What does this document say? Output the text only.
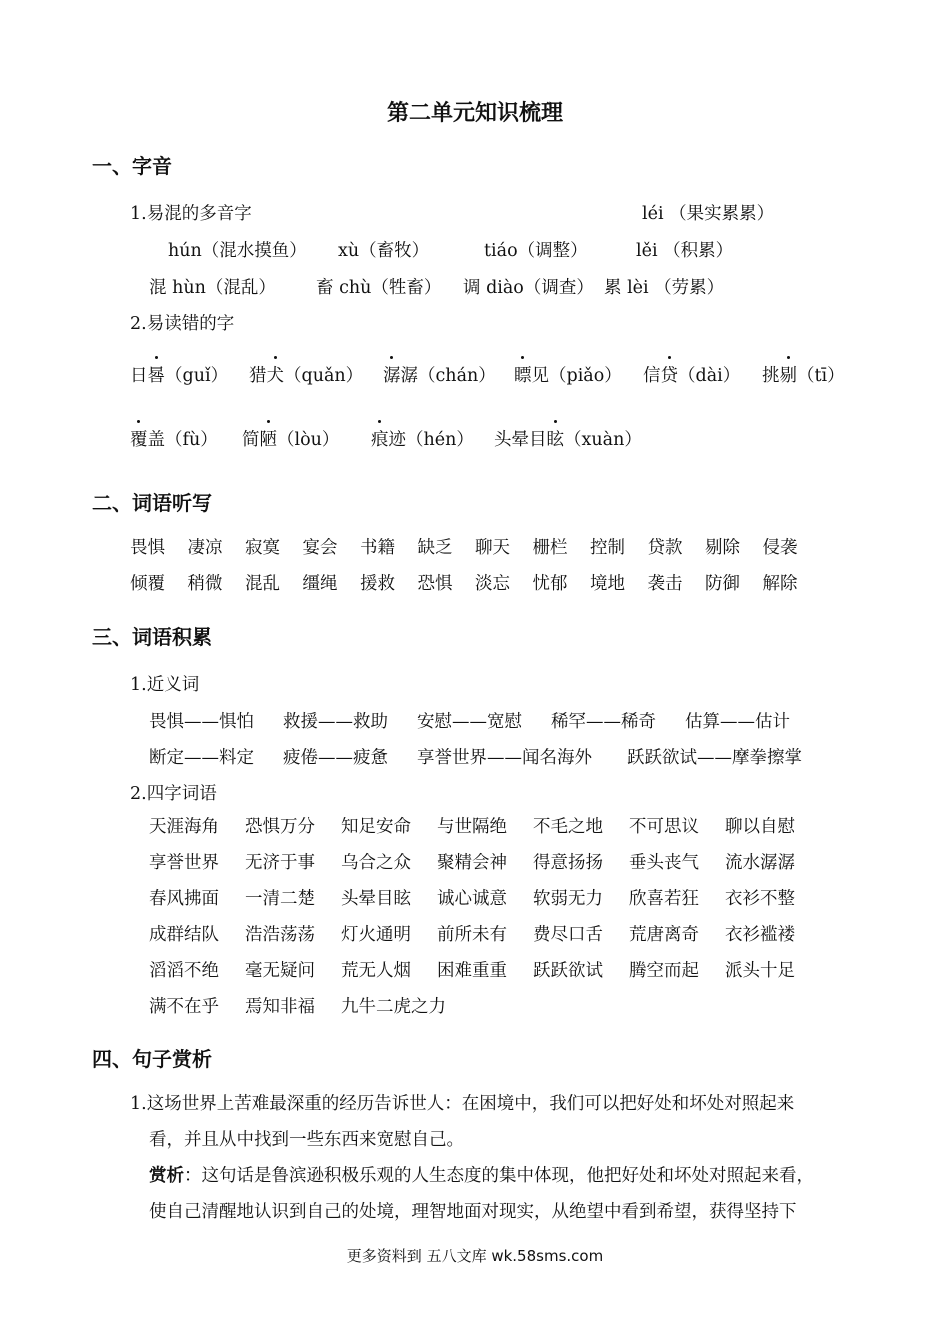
第二单元知识梳理
一、字音
1.易混的多音字	léi （果实累累）
hún（混水摸鱼） xù（畜牧）	tiáo（调整）	lěi （积累）
混 hùn（混乱） 畜 chù（牲畜） 调 diào（调查） 累 lèi （劳累）
2.易读错的字
日晷（guǐ） 猎犬（quǎn） 潺潺（chán） 瞟见（piǎo） 信贷（dài） 挑剔（tī）
覆盖（fù） 简陋（lòu） 痕迹（hén） 头晕目眩（xuàn）
二、词语听写
畏惧	凄凉	寂寞	宴会	书籍	缺乏	聊天	栅栏	控制	贷款	剔除	侵袭
倾覆	稍微	混乱	缰绳	援救	恐惧	淡忘	忧郁	境地	袭击	防御	解除
三、词语积累
1.近义词
畏惧——惧怕 救援——救助 安慰——宽慰 稀罕——稀奇 估算——估计
断定——料定 疲倦——疲惫 享誉世界——闻名海外 跃跃欲试——摩拳擦掌
2.四字词语
天涯海角	恐惧万分	知足安命	与世隔绝	不毛之地	不可思议	聊以自慰
享誉世界	无济于事	乌合之众	聚精会神	得意扬扬	垂头丧气	流水潺潺
春风拂面	一清二楚	头晕目眩	诚心诚意	软弱无力	欣喜若狂	衣衫不整
成群结队	浩浩荡荡	灯火通明	前所未有	费尽口舌	荒唐离奇	衣衫褴褛
滔滔不绝	毫无疑问	荒无人烟	困难重重	跃跃欲试	腾空而起	派头十足
满不在乎	焉知非福	九牛二虎之力
四、句子赏析
1.这场世界上苦难最深重的经历告诉世人：在困境中，我们可以把好处和坏处对照起来
看，并且从中找到一些东西来宽慰自己。
赏析：这句话是鲁滨逊积极乐观的人生态度的集中体现，他把好处和坏处对照起来看，
使自己清醒地认识到自己的处境，理智地面对现实，从绝望中看到希望，获得坚持下
更多资料到 五八文库 wk.58sms.com
